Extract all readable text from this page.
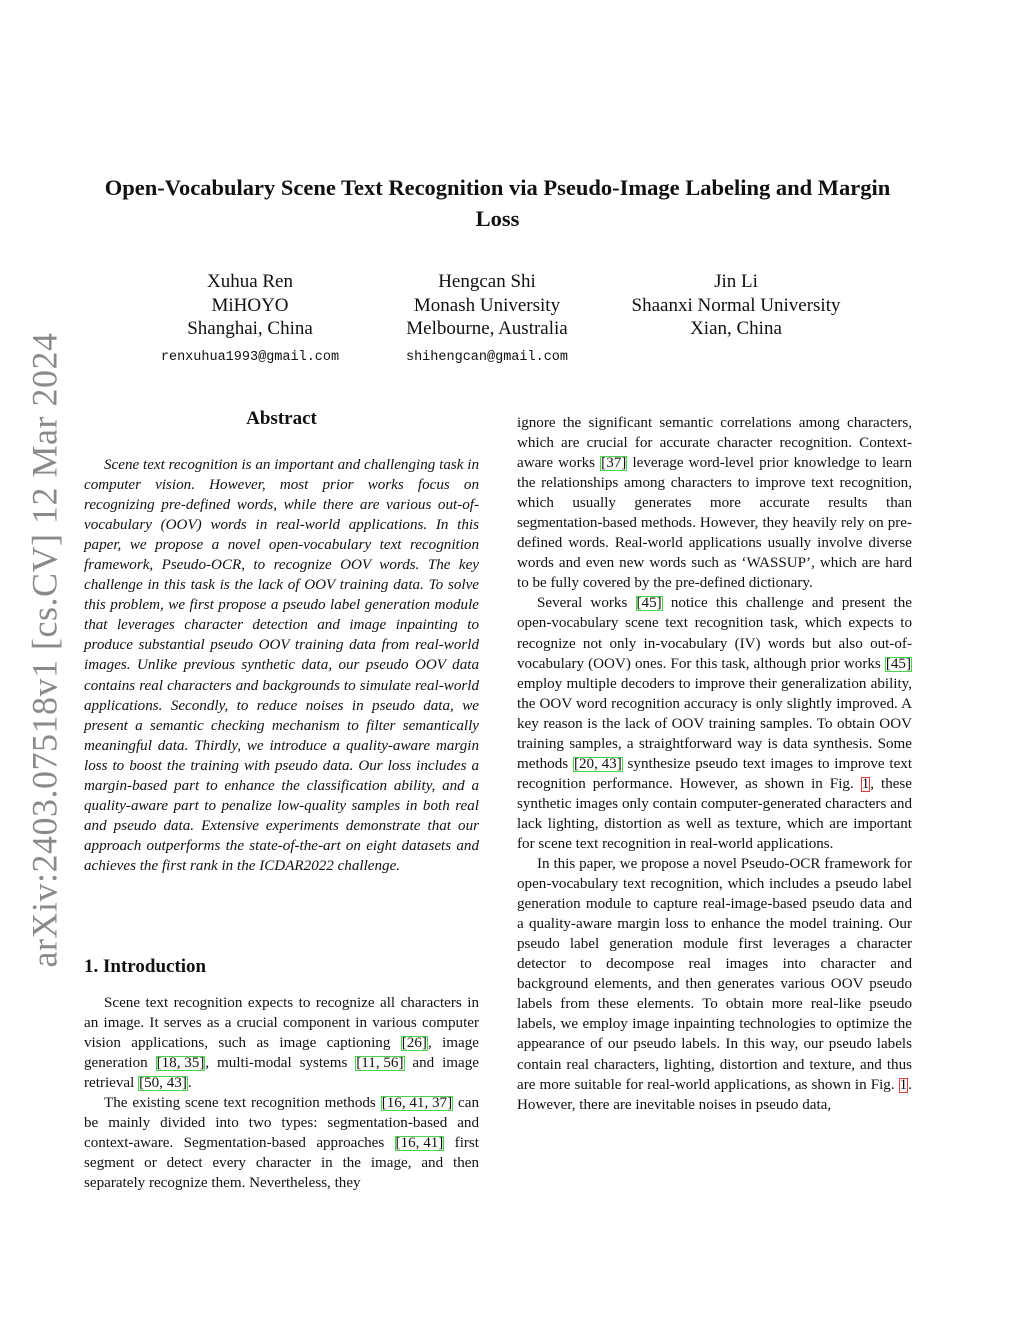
arXiv:2403.07518v1 [cs.CV] 12 Mar 2024
Open-Vocabulary Scene Text Recognition via Pseudo-Image Labeling and Margin Loss
Xuhua Ren
MiHOYO
Shanghai, China
renxuhua1993@gmail.com
Hengcan Shi
Monash University
Melbourne, Australia
shihengcan@gmail.com
Jin Li
Shaanxi Normal University
Xian, China
Abstract

Scene text recognition is an important and challenging task in computer vision. However, most prior works focus on recognizing pre-defined words, while there are various out-of-vocabulary (OOV) words in real-world applications. In this paper, we propose a novel open-vocabulary text recognition framework, Pseudo-OCR, to recognize OOV words. The key challenge in this task is the lack of OOV training data. To solve this problem, we first propose a pseudo label generation module that leverages character detection and image inpainting to produce substantial pseudo OOV training data from real-world images. Unlike previous synthetic data, our pseudo OOV data contains real characters and backgrounds to simulate real-world applications. Secondly, to reduce noises in pseudo data, we present a semantic checking mechanism to filter semantically meaningful data. Thirdly, we introduce a quality-aware margin loss to boost the training with pseudo data. Our loss includes a margin-based part to enhance the classification ability, and a quality-aware part to penalize low-quality samples in both real and pseudo data. Extensive experiments demonstrate that our approach outperforms the state-of-the-art on eight datasets and achieves the first rank in the ICDAR2022 challenge.

1. Introduction

Scene text recognition expects to recognize all characters in an image. It serves as a crucial component in various computer vision applications, such as image captioning [26], image generation [18, 35], multi-modal systems [11, 56] and image retrieval [50, 43].

The existing scene text recognition methods [16, 41, 37] can be mainly divided into two types: segmentation-based and context-aware. Segmentation-based approaches [16, 41] first segment or detect every character in the image, and then separately recognize them. Nevertheless, they

ignore the significant semantic correlations among characters, which are crucial for accurate character recognition. Context-aware works [37] leverage word-level prior knowledge to learn the relationships among characters to improve text recognition, which usually generates more accurate results than segmentation-based methods. However, they heavily rely on pre-defined words. Real-world applications usually involve diverse words and even new words such as ‘WASSUP’, which are hard to be fully covered by the pre-defined dictionary.

Several works [45] notice this challenge and present the open-vocabulary scene text recognition task, which expects to recognize not only in-vocabulary (IV) words but also out-of-vocabulary (OOV) ones. For this task, although prior works [45] employ multiple decoders to improve their generalization ability, the OOV word recognition accuracy is only slightly improved. A key reason is the lack of OOV training samples. To obtain OOV training samples, a straightforward way is data synthesis. Some methods [20, 43] synthesize pseudo text images to improve text recognition performance. However, as shown in Fig. 1, these synthetic images only contain computer-generated characters and lack lighting, distortion as well as texture, which are important for scene text recognition in real-world applications.

In this paper, we propose a novel Pseudo-OCR framework for open-vocabulary text recognition, which includes a pseudo label generation module to capture real-image-based pseudo data and a quality-aware margin loss to enhance the model training. Our pseudo label generation module first leverages a character detector to decompose real images into character and background elements, and then generates various OOV pseudo labels from these elements. To obtain more real-like pseudo labels, we employ image inpainting technologies to optimize the appearance of our pseudo labels. In this way, our pseudo labels contain real characters, lighting, distortion and texture, and thus are more suitable for real-world applications, as shown in Fig. 1. However, there are inevitable noises in pseudo data,
